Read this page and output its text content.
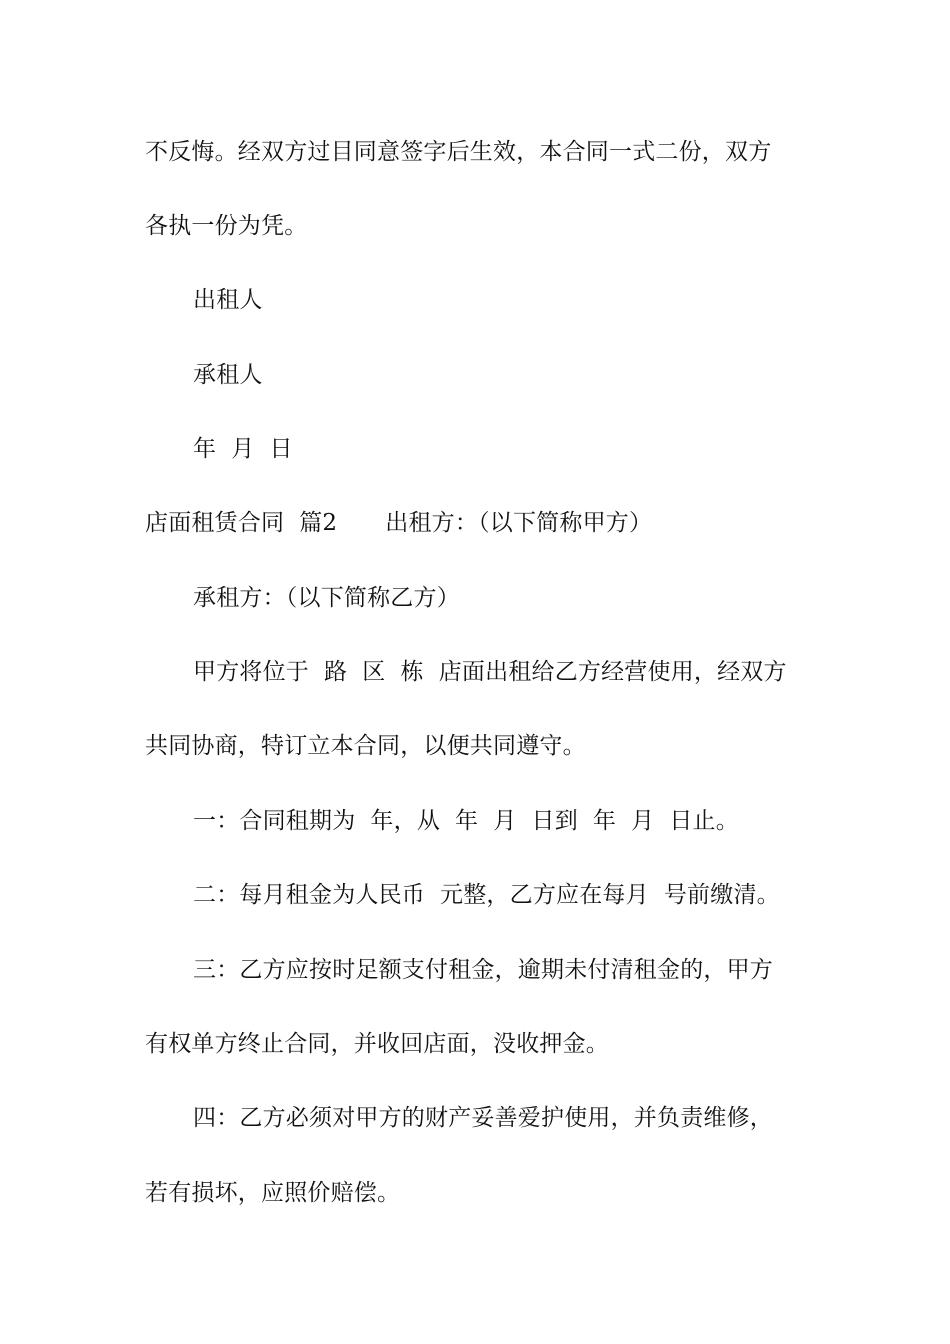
不反悔。经双方过目同意签字后生效，本合同一式二份，双方
各执一份为凭。
出租人
承租人
年  月  日
店面租赁合同  篇2 出租方：（以下简称甲方）
承租方：（以下简称乙方）
甲方将位于  路  区  栋  店面出租给乙方经营使用，经双方
共同协商，特订立本合同，以便共同遵守。
一：合同租期为  年，从  年  月  日到  年  月  日止。
二：每月租金为人民币  元整，乙方应在每月  号前缴清。
三：乙方应按时足额支付租金，逾期未付清租金的，甲方
有权单方终止合同，并收回店面，没收押金。
四：乙方必须对甲方的财产妥善爱护使用，并负责维修，
若有损坏，应照价赔偿。
